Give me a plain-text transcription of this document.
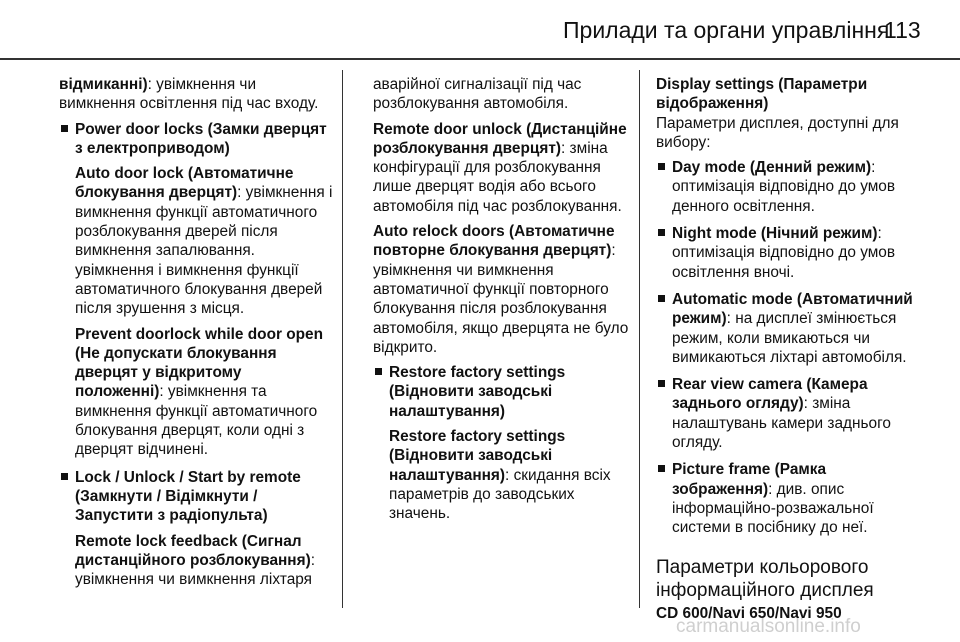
Прилади та органи управління
113
відмиканні): увімкнення чи вимкнення освітлення під час входу.
Power door locks (Замки дверцят з електроприводом)
Auto door lock (Автоматичне блокування дверцят): увімкнення і вимкнення функції автоматичного розблокування дверей після вимкнення запалювання. увімкнення і вимкнення функції автоматичного блокування дверей після зрушення з місця.
Prevent doorlock while door open (Не допускати блокування дверцят у відкритому положенні): увімкнення та вимкнення функції автоматичного блокування дверцят, коли одні з дверцят відчинені.
Lock / Unlock / Start by remote (Замкнути / Відімкнути / Запустити з радіопульта)
Remote lock feedback (Сигнал дистанційного розблокування): увімкнення чи вимкнення ліхтаря
аварійної сигналізації під час розблокування автомобіля.
Remote door unlock (Дистанційне розблокування дверцят): зміна конфігурації для розблокування лише дверцят водія або всього автомобіля під час розблокування.
Auto relock doors (Автоматичне повторне блокування дверцят): увімкнення чи вимкнення автоматичної функції повторного блокування після розблокування автомобіля, якщо дверцята не було відкрито.
Restore factory settings (Відновити заводські налаштування)
Restore factory settings (Відновити заводські налаштування): скидання всіх параметрів до заводських значень.
Display settings (Параметри відображення)
Параметри дисплея, доступні для вибору:
Day mode (Денний режим): оптимізація відповідно до умов денного освітлення.
Night mode (Нічний режим): оптимізація відповідно до умов освітлення вночі.
Automatic mode (Автоматичний режим): на дисплеї змінюється режим, коли вмикаються чи вимикаються ліхтарі автомобіля.
Rear view camera (Камера заднього огляду): зміна налаштувань камери заднього огляду.
Picture frame (Рамка зображення): див. опис інформаційно-розважальної системи в посібнику до неї.
Параметри кольорового інформаційного дисплея
CD 600/Navi 650/Navi 950
carmanualsonline.info
